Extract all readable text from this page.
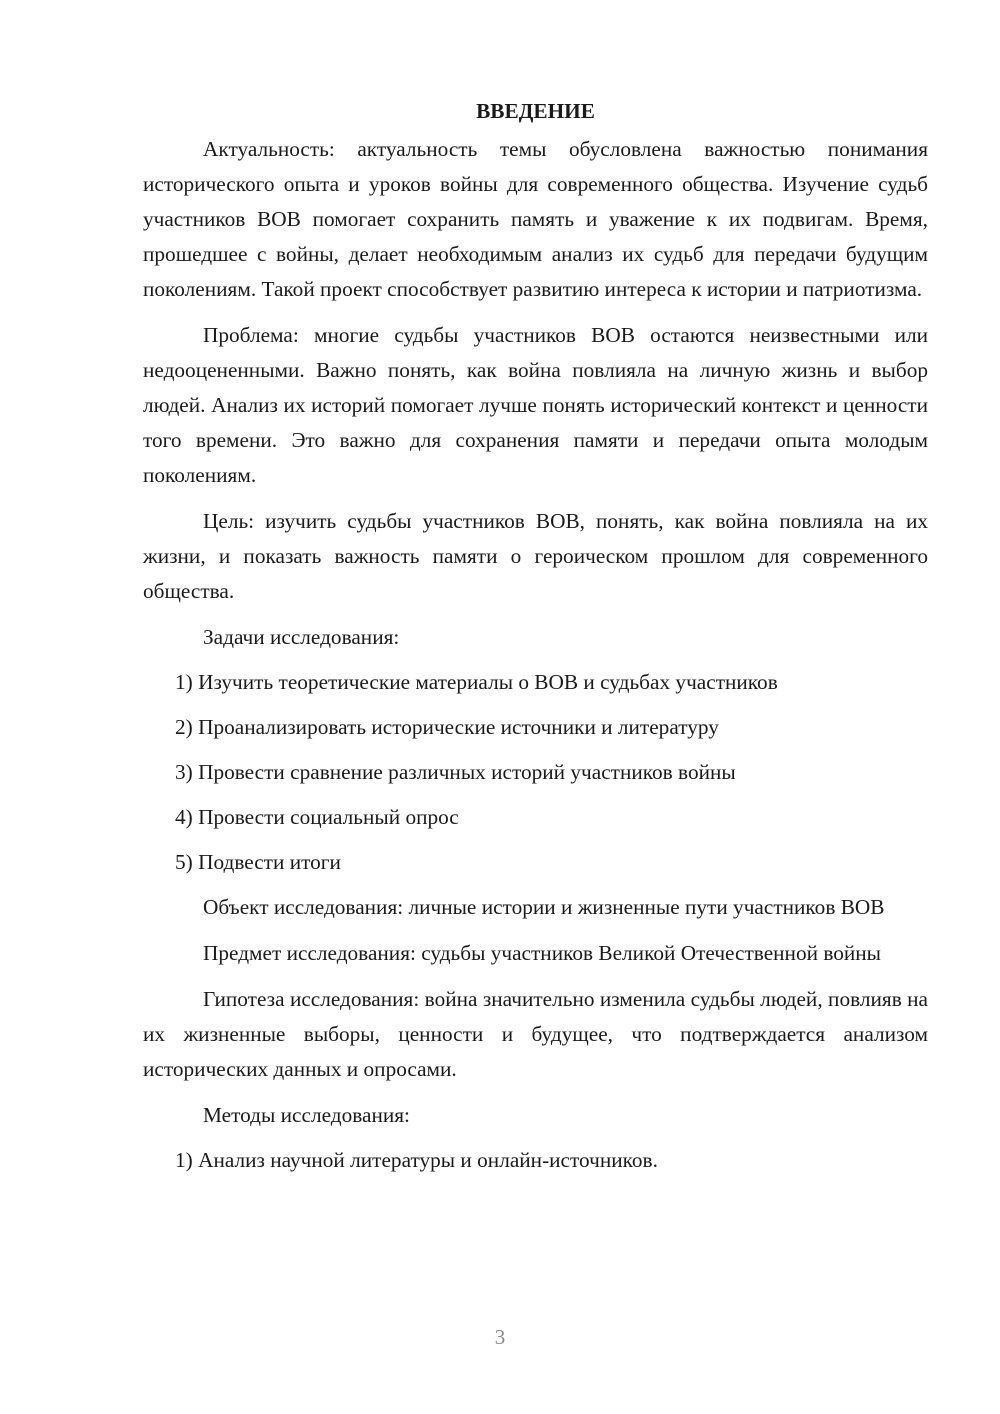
ВВЕДЕНИЕ

Актуальность: актуальность темы обусловлена важностью понимания исторического опыта и уроков войны для современного общества. Изучение судьб участников ВОВ помогает сохранить память и уважение к их подвигам. Время, прошедшее с войны, делает необходимым анализ их судьб для передачи будущим поколениям. Такой проект способствует развитию интереса к истории и патриотизма.

Проблема: многие судьбы участников ВОВ остаются неизвестными или недооцененными. Важно понять, как война повлияла на личную жизнь и выбор людей. Анализ их историй помогает лучше понять исторический контекст и ценности того времени. Это важно для сохранения памяти и передачи опыта молодым поколениям.

Цель: изучить судьбы участников ВОВ, понять, как война повлияла на их жизни, и показать важность памяти о героическом прошлом для современного общества.

Задачи исследования:

1) Изучить теоретические материалы о ВОВ и судьбах участников
2) Проанализировать исторические источники и литературу
3) Провести сравнение различных историй участников войны
4) Провести социальный опрос
5) Подвести итоги

Объект исследования: личные истории и жизненные пути участников ВОВ

Предмет исследования: судьбы участников Великой Отечественной войны

Гипотеза исследования: война значительно изменила судьбы людей, повлияв на их жизненные выборы, ценности и будущее, что подтверждается анализом исторических данных и опросами.

Методы исследования:

1) Анализ научной литературы и онлайн-источников.
3
